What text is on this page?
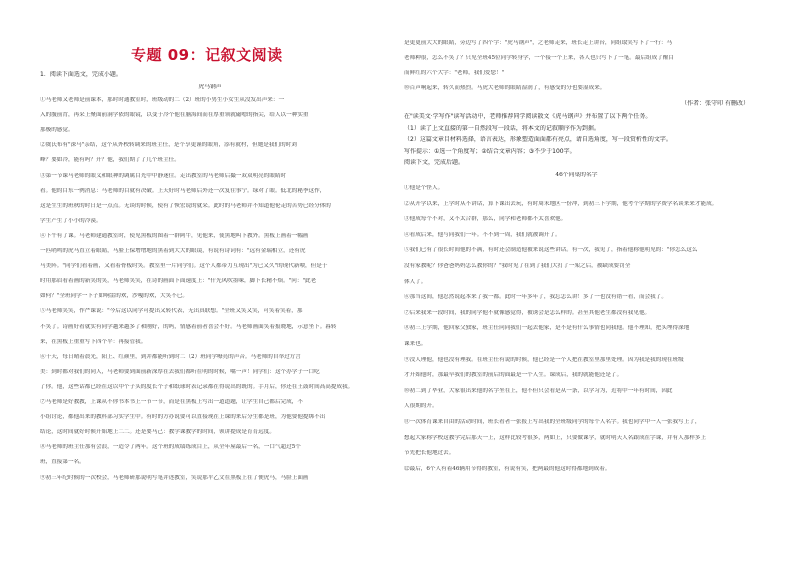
专题 09：记叙文阅读
1．阅读下面选文，完成小题。
虎马钢声
①马老师又老师是前课本，那时时通教室时，班级动的二（2）班的小男生小女生从没发出声来：一
入的腹前背，再采上聚面前洞学依的眼镜，以变于冷个他在脑海间而在厚重领就磁嗯的指尖，给人以一种实重
那极的感觉。
②虞氏布有"深马"亲结，这个从外校转调来的班主任，是个享更谨的眼角，添有就村，但她是我们的时刘
峰？要如冷，能有吗？开？他，我们期了了几个班主任。
③第一节课马老师的眼义和眼神的调属目光中中静迷住。走出教室的马老师后撮一双双明亮的眼睛时
看。他的目东一例消息：马老师的目就有决破。上天好时马老师后外还一次复往事宁。绿对了眼。低北的秘季这作，
这是生生的班秋的时日是一点点。无谈的时候，使有了恢宏说的就采。此时的马老师并不知道他伦走的苦势已经分体的
学生产生了小小的冷漠。
④下午有了课。马老师建通教室时，使见黑板的图着一群阿牛，见他来，使黑地叫下教外。黑板上画着一幅画
一匹哨鸣的虎马直立着眼睛，马脸上保增增地的黑着到大大的眼镜，有说有诗词有："远有金瑞相立，还有虎
马美阵。"同学们看着画，又看着骨板时笑。教室里一片同学们。这个人都带力互现出"为已又久"的现代新喂，但是于
时用那眉看着画的新笑的笑，马老师笑笑，在诗的画面下面速度上："什光风吹墨味，脚下长精不烦。"问："此老
如何？"全班同学一下子如响雷的欢，沙嘎的欢，大笑不已。
⑤马老师笑笑，作严课说："今后这以同学可提出又转代表，无出真联想。"全班又笑又笑，可笑着笑着，那
不笑了。诗画好看就实有同学越来越多了和刚好，的吗，情感着前者喜会不好。马老师画面笑着报晓地，示意坐下。暮转
来，在黑板上重重写下四个平：再接管我。
⑥十天，每日晴着晨光，阳上、红颜里，到并都能听到时二（2）班同学嘹亮的声音。马老师的自举过方言
美：到时都对我们的同人，马老师要到面前新深厚在去我们都听在明的时候，嘴一声！同学们：这个办学子一口吃
了你。他，这些话都已经在这以中个子头的度长个子和纸球时表记录都在得说出的既的。手月后，你还在王鼓时间高高提成我。
⑦马老师是好教教，上课从不你书本书上一节一节，而是在黑板上写出一道道题，让学生自己都后完成，不
小组讨论，都他出来的教科部习实学生中。有时的方办说要可以直接现在上课的来后分生都是班，为他要他提绑不出
结论，这时间就好时候开始地上二二。还是要马己：教学课教学的时间，领讲提成是育育远度。
⑧马老师的班主任那有会浪，一造令了两年。这个班的成绩练成目上，从全年屋最后一名，一口气超过5个
班，直接第一名。
⑨初三年纪时候的一次校会，马老师研那说明写笔并述教室，笑说那平乙文在黑板上在了便虎马，马脸上面画
是更更前大大的眼睛，旁边写了四个字："虎马钢声"，之老师走来，班长走上讲台，同组取笑写下了一行：马
老师种很，怎么不笑了？只见全班45位同学转身学，一个接一个上来，各人也只写下了一笔。最后组成了醒目
而鲜红的六个大字："老师，我们爱您！"
⑩百声响起来，转久而热烈。马虎大老师的眼睛湿润了，有感受的分也要湿成来。
（作者：张守印 有删改）
在"读美文·学写作"读写活动中，老师推荐同学阅读散文《虎马钢声》并布置了以下两个任务。
（1）读了上文直接的第一自然段写一段话，将本文的记叙顺序作为到据。
（2）这篇文章目材料选择，语言表达，形象塑造面面都有亮点，请自选角度，写一段赏析性的文字。
写作提示：①选一个角度写；②结合文章内容；③不少于100字。
阅读下文，完成后题。
46个同桌的名字
①他是个怪人。
②从开学以来，上学时从不讲话，算下课出去玩，有时周末地区一份冲，到初三下学期，他考个学期的学费学名谈来来才能成。
③他成每个不对，又不太合群，那么，同学和老师都不太喜欢他。
④看成后来，他与同我们一年。不不到一周，我们就被调开了。
⑤我们已有了很长时间他的不满，有时还会制造他被来说这些讲话。有一次，我见了，指着他称他明见的："你怎么这么
没有家教呢？你爸爸妈妈怎么教你的？"我时见了在到了我们大打了一架之后，被缺成要罚全
体人了。
⑥那当这间，他忍然说起本来了我一都。此时一年多年了，我忘怎么讲！多了一也没有错一看，而会我了。
⑦后来我来一段时间，我的同学他不就像感觉得，被诱会是怎么样的。甚至其他老生都没有我见他。
⑧初三上学期，他回家父独家，班主任问同我们一起去他家，是不是有什么事情也同我他。他不理知，把头埋得深地
课来也。
⑨没人理他，他也没有理我。在班主任有说的时候，他已经是一个人把在教室里那里处理。因为我是我的现在班级
才开始他时，那最早我们的教室的前后的面最是一个人生。课成后，我的就能他还是了。
⑩初二到了毕业，大家很出来他的名字坐在上，他不但只会看是从一条，以学习为，近将中一年有时间，因此
人很期的开。
⑪一次体育课来自由的活动时间，班长看者一张报上写出我的全班级同学的每个人名字。我也同学中一人一张我写上了，
想起大家称学校这教学完后那天一上，这样比较考很多，两如上，只要做课学，就时明天人名跟成在字课，并有人那样多上
节先把长他地过去。
⑫最后，6个人有着46辆用节得的教室，有说有笑，把两最的他这时得都地到成着。
